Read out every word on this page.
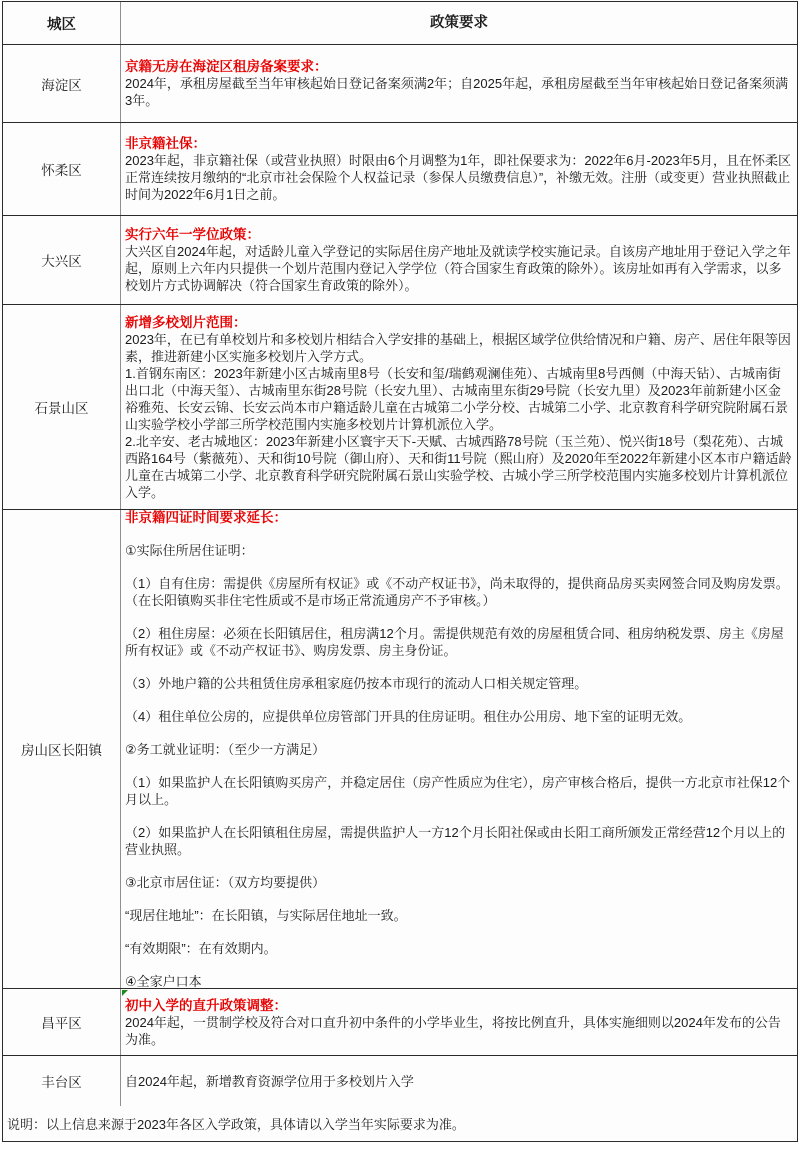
城区	政策要求
海淀区

京籍无房在海淀区租房备案要求：

2024年，承租房屋截至当年审核起始日登记备案须满2年；自2025年起，承租房屋截至当年审核起始日登记备案须满3年。

怀柔区

非京籍社保：

2023年起，非京籍社保（或营业执照）时限由6个月调整为1年，即社保要求为：2022年6月-2023年5月，且在怀柔区正常连续按月缴纳的“北京市社会保险个人权益记录（参保人员缴费信息）”，补缴无效。注册（或变更）营业执照截止时间为2022年6月1日之前。

大兴区

实行六年一学位政策：

大兴区自2024年起，对适龄儿童入学登记的实际居住房产地址及就读学校实施记录。自该房产地址用于登记入学之年起，原则上六年内只提供一个划片范围内登记入学学位（符合国家生育政策的除外）。该房址如再有入学需求，以多校划片方式协调解决（符合国家生育政策的除外）。

石景山区

新增多校划片范围：

2023年，在已有单校划片和多校划片相结合入学安排的基础上，根据区域学位供给情况和户籍、房产、居住年限等因素，推进新建小区实施多校划片入学方式。

1.首钢东南区：2023年新建小区古城南里8号（长安和玺/瑞鹤观澜佳苑）、古城南里8号西侧（中海天钻）、古城南街出口北（中海天玺）、古城南里东街28号院（长安九里）、古城南里东街29号院（长安九里）及2023年前新建小区金裕雅苑、长安云锦、长安云尚本市户籍适龄儿童在古城第二小学分校、古城第二小学、北京教育科学研究院附属石景山实验学校小学部三所学校范围内实施多校划片计算机派位入学。

2.北辛安、老古城地区：2023年新建小区寰宇天下-天赋、古城西路78号院（玉兰苑）、悦兴街18号（梨花苑）、古城西路164号（紫薇苑）、天和街10号院（御山府）、天和街11号院（熙山府）及2020年至2022年新建小区本市户籍适龄儿童在古城第二小学、北京教育科学研究院附属石景山实验学校、古城小学三所学校范围内实施多校划片计算机派位入学。

房山区长阳镇

非京籍四证时间要求延长：

①实际住所居住证明：

（1）自有住房：需提供《房屋所有权证》或《不动产权证书》，尚未取得的，提供商品房买卖网签合同及购房发票。（在长阳镇购买非住宅性质或不是市场正常流通房产不予审核。）

（2）租住房屋：必须在长阳镇居住，租房满12个月。需提供规范有效的房屋租赁合同、租房纳税发票、房主《房屋所有权证》或《不动产权证书》、购房发票、房主身份证。

（3）外地户籍的公共租赁住房承租家庭仍按本市现行的流动人口相关规定管理。

（4）租住单位公房的，应提供单位房管部门开具的住房证明。租住办公用房、地下室的证明无效。

②务工就业证明：（至少一方满足）

（1）如果监护人在长阳镇购买房产，并稳定居住（房产性质应为住宅），房产审核合格后，提供一方北京市社保12个月以上。

（2）如果监护人在长阳镇租住房屋，需提供监护人一方12个月长阳社保或由长阳工商所颁发正常经营12个月以上的营业执照。

③北京市居住证：（双方均要提供）

“现居住地址”：在长阳镇，与实际居住地址一致。

“有效期限”：在有效期内。

④全家户口本

昌平区

初中入学的直升政策调整：

2024年起，一贯制学校及符合对口直升初中条件的小学毕业生，将按比例直升，具体实施细则以2024年发布的公告为准。

丰台区	自2024年起，新增教育资源学位用于多校划片入学

说明：以上信息来源于2023年各区入学政策，具体请以入学当年实际要求为准。
